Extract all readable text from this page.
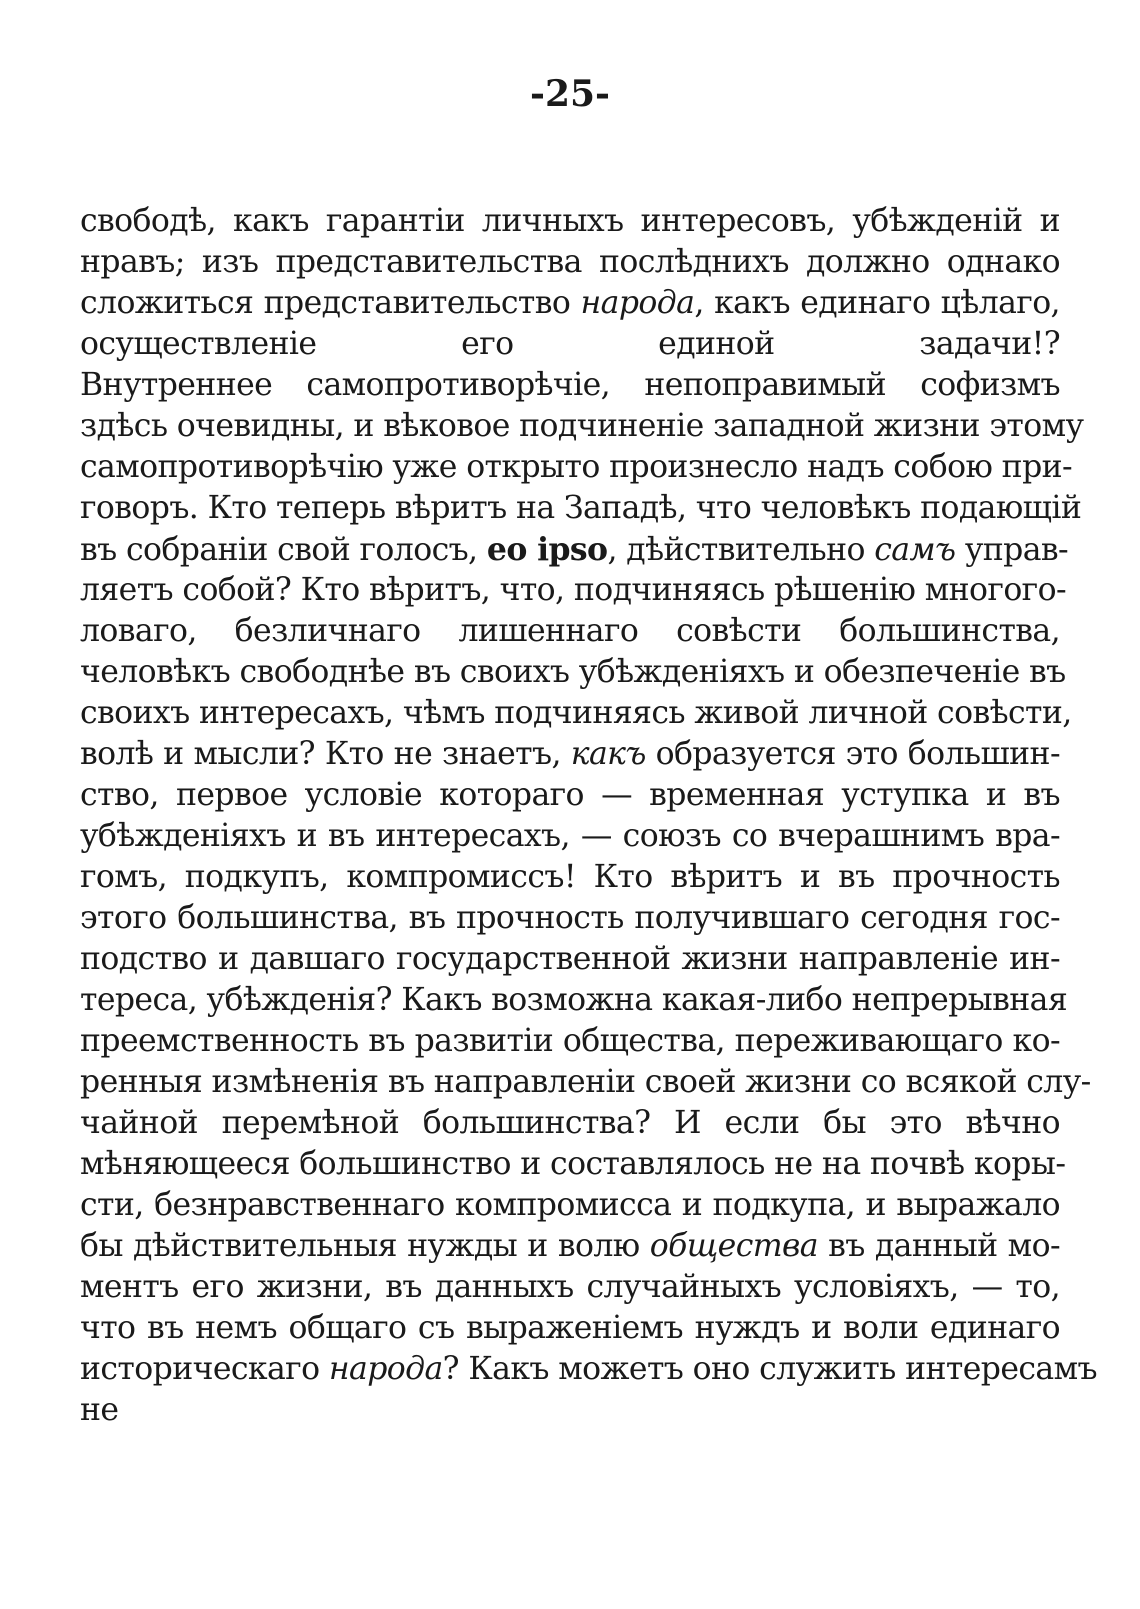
-25-
свободѣ, какъ гарантіи личныхъ интересовъ, убѣжденій и
нравъ; изъ представительства послѣднихъ должно однако
сложиться представительство народа, какъ единаго цѣлаго,
осуществленіе его единой задачи!?
Внутреннее самопротиворѣчіе, непоправимый софизмъ
здѣсь очевидны, и вѣковое подчиненіе западной жизни этому
самопротиворѣчію уже открыто произнесло надъ собою при-
говоръ. Кто теперь вѣритъ на Западѣ, что человѣкъ подающій
въ собраніи свой голосъ, eo ipso, дѣйствительно самъ управ-
ляетъ собой? Кто вѣритъ, что, подчиняясь рѣшенію многого-
ловаго, безличнаго лишеннаго совѣсти большинства,
человѣкъ свободнѣе въ своихъ убѣжденіяхъ и обезпеченіе въ
своихъ интересахъ, чѣмъ подчиняясь живой личной совѣсти,
волѣ и мысли? Кто не знаетъ, какъ образуется это большин-
ство, первое условіе котораго — временная уступка и въ
убѣжденіяхъ и въ интересахъ, — союзъ со вчерашнимъ вра-
гомъ, подкупъ, компромиссъ! Кто вѣритъ и въ прочность
этого большинства, въ прочность получившаго сегодня гос-
подство и давшаго государственной жизни направленіе ин-
тереса, убѣжденія? Какъ возможна какая-либо непрерывная
преемственность въ развитіи общества, переживающаго ко-
ренныя измѣненія въ направленіи своей жизни со всякой слу-
чайной перемѣной большинства? И если бы это вѣчно
мѣняющееся большинство и составлялось не на почвѣ коры-
сти, безнравственнаго компромисса и подкупа, и выражало
бы дѣйствительныя нужды и волю общества въ данный мо-
ментъ его жизни, въ данныхъ случайныхъ условіяхъ, — то,
что въ немъ общаго съ выраженіемъ нуждъ и воли единаго
историческаго народа? Какъ можетъ оно служить интересамъ
не
